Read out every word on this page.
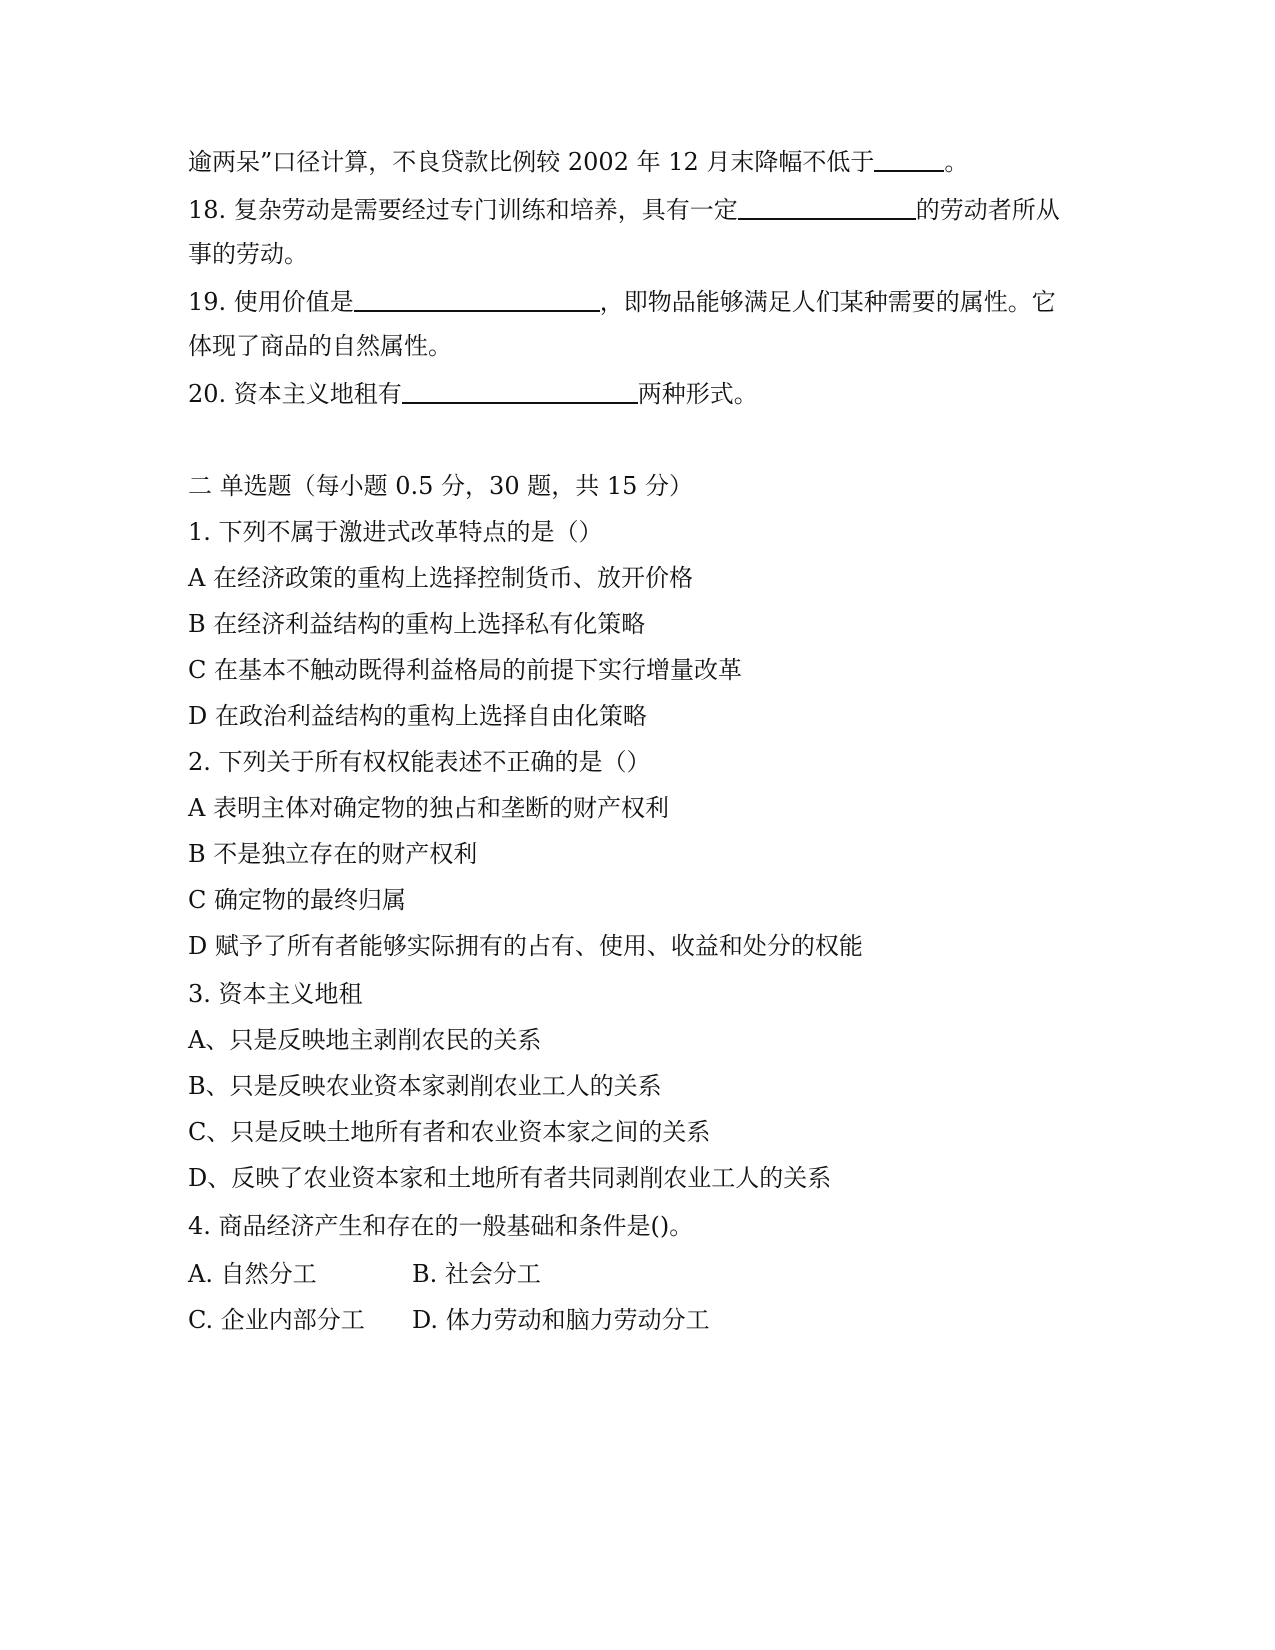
逾两呆”口径计算，不良贷款比例较 2002 年 12 月末降幅不低于	。
18. 复杂劳动是需要经过专门训练和培养，具有一定	的劳动者所从
事的劳动。
19. 使用价值是	，即物品能够满足人们某种需要的属性。它
体现了商品的自然属性。
20. 资本主义地租有	两种形式。
二 单选题（每小题 0.5 分，30 题，共 15 分）
1. 下列不属于激进式改革特点的是（）
A 在经济政策的重构上选择控制货币、放开价格
B 在经济利益结构的重构上选择私有化策略
C 在基本不触动既得利益格局的前提下实行增量改革
D 在政治利益结构的重构上选择自由化策略
2. 下列关于所有权权能表述不正确的是（）
A 表明主体对确定物的独占和垄断的财产权利
B 不是独立存在的财产权利
C 确定物的最终归属
D 赋予了所有者能够实际拥有的占有、使用、收益和处分的权能
3. 资本主义地租
A、只是反映地主剥削农民的关系
B、只是反映农业资本家剥削农业工人的关系
C、只是反映土地所有者和农业资本家之间的关系
D、反映了农业资本家和土地所有者共同剥削农业工人的关系
4. 商品经济产生和存在的一般基础和条件是()。
A. 自然分工	B. 社会分工
C. 企业内部分工 D. 体力劳动和脑力劳动分工
